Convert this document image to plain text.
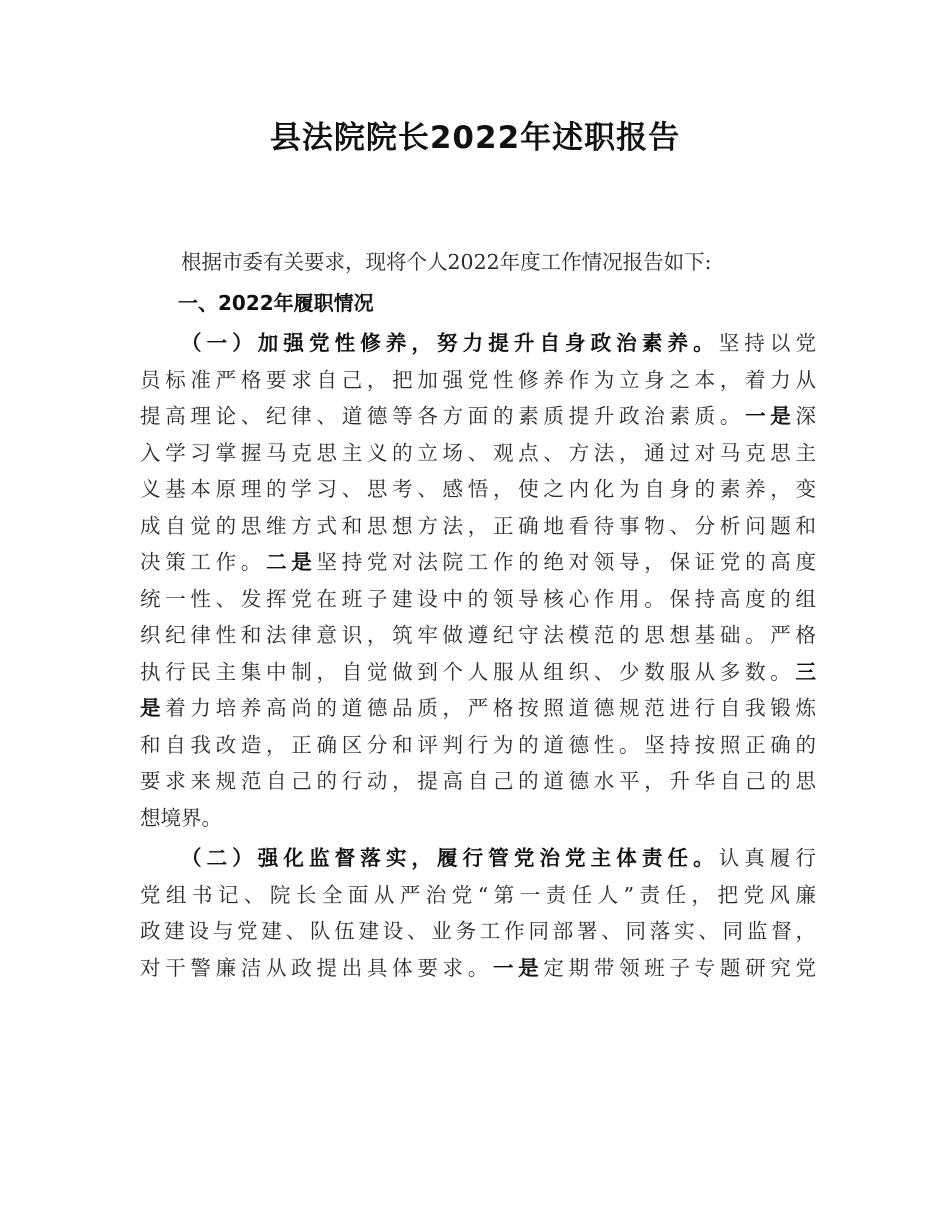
县法院院长2022年述职报告

根据市委有关要求，现将个人2022年度工作情况报告如下:

一、2022年履职情况

（一）加强党性修养，努力提升自身政治素养。坚持以党
员标准严格要求自己，把加强党性修养作为立身之本，着力从
提高理论、纪律、道德等各方面的素质提升政治素质。一是深
入学习掌握马克思主义的立场、观点、方法，通过对马克思主
义基本原理的学习、思考、感悟，使之内化为自身的素养，变
成自觉的思维方式和思想方法，正确地看待事物、分析问题和
决策工作。二是坚持党对法院工作的绝对领导，保证党的高度
统一性、发挥党在班子建设中的领导核心作用。保持高度的组
织纪律性和法律意识，筑牢做遵纪守法模范的思想基础。严格
执行民主集中制，自觉做到个人服从组织、少数服从多数。三
是着力培养高尚的道德品质，严格按照道德规范进行自我锻炼
和自我改造，正确区分和评判行为的道德性。坚持按照正确的
要求来规范自己的行动，提高自己的道德水平，升华自己的思
想境界。
（二）强化监督落实，履行管党治党主体责任。认真履行
党组书记、院长全面从严治党“第一责任人”责任，把党风廉
政建设与党建、队伍建设、业务工作同部署、同落实、同监督，
对干警廉洁从政提出具体要求。一是定期带领班子专题研究党
